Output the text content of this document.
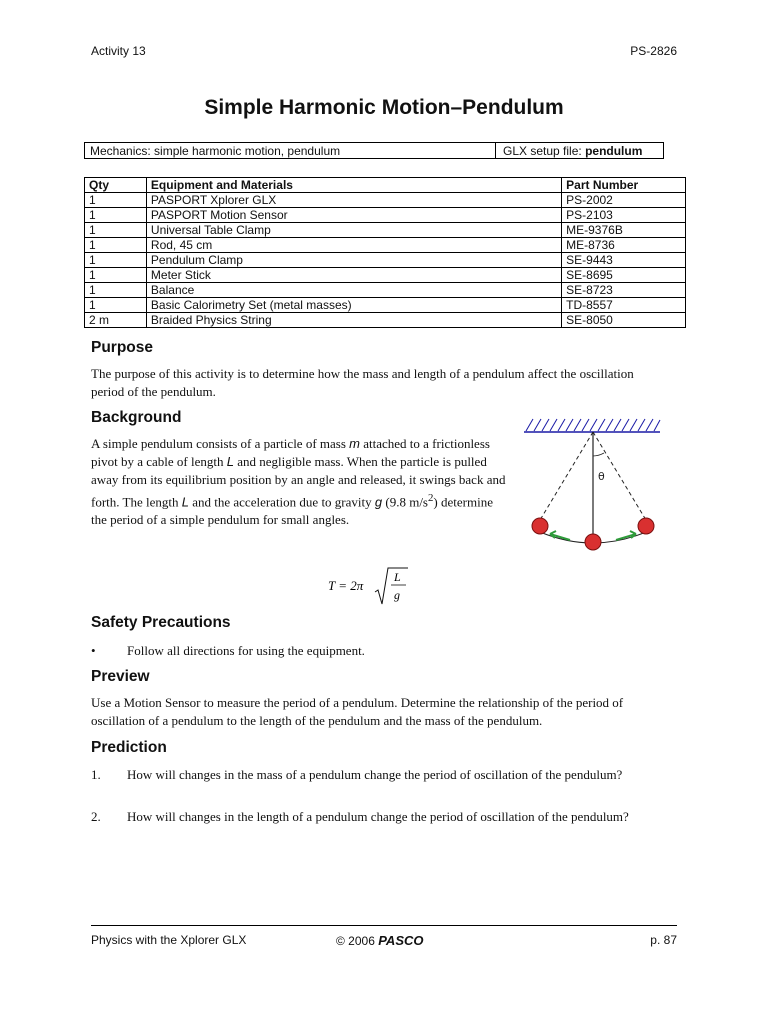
Activity 13	PS-2826
Simple Harmonic Motion–Pendulum
Mechanics: simple harmonic motion, pendulum	GLX setup file: pendulum
Qty	Equipment and Materials	Part Number
1	PASPORT Xplorer GLX	PS-2002
1	PASPORT Motion Sensor	PS-2103
1	Universal Table Clamp	ME-9376B
1	Rod, 45 cm	ME-8736
1	Pendulum Clamp	SE-9443
1	Meter Stick	SE-8695
1	Balance	SE-8723
1	Basic Calorimetry Set (metal masses)	TD-8557
2 m	Braided Physics String	SE-8050
Purpose

The purpose of this activity is to determine how the mass and length of a pendulum affect the oscillation period of the pendulum.

Background

A simple pendulum consists of a particle of mass m attached to a frictionless pivot by a cable of length L and negligible mass. When the particle is pulled away from its equilibrium position by an angle and released, it swings back and forth. The length L and the acceleration due to gravity g (9.8 $m/s^2$) determine the period of a simple pendulum for small angles.

θ
T = 2π
L
g
Safety Precautions
• Follow all directions for using the equipment.
Preview

Use a Motion Sensor to measure the period of a pendulum. Determine the relationship of the period of oscillation of a pendulum to the length of the pendulum and the mass of the pendulum.

Prediction
1. How will changes in the mass of a pendulum change the period of oscillation of the pendulum?
2. How will changes in the length of a pendulum change the period of oscillation of the pendulum?
Physics with the Xplorer GLX	© 2006 PASCO	p. 87
